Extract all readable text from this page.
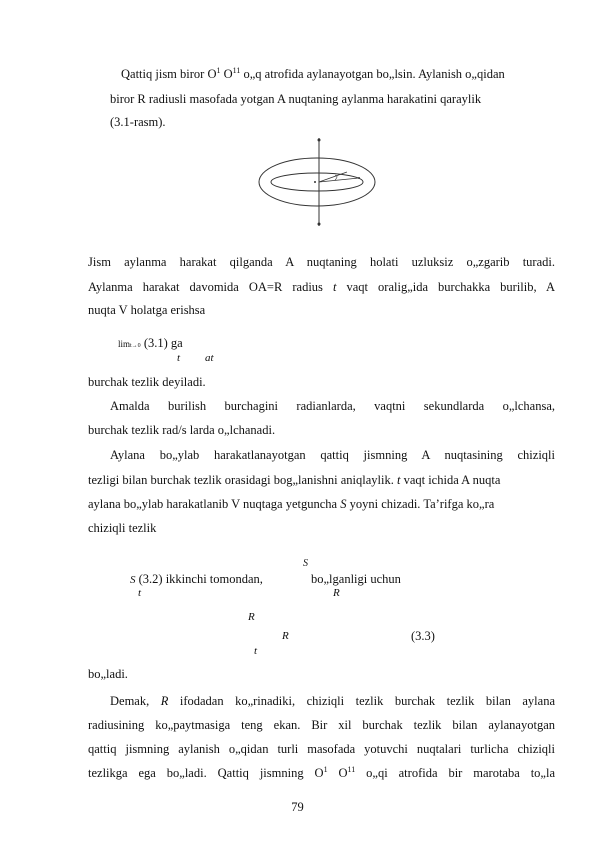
Qattiq jism biror $O^1$ $O^{11}$ o„q atrofida aylanayotgan bo„lsin. Aylanish o„qidan
biror R radiusli masofada yotgan A nuqtaning aylanma harakatini qaraylik
(3.1-rasm).
Jism aylanma harakat qilganda A nuqtaning holati uzluksiz o„zgarib turadi.
Aylanma harakat davomida OA=R radius t vaqt oralig„ida burchakka burilib, A
nuqta V holatga erishsa
limt→0 (3.1) ga
t at
burchak tezlik deyiladi.
Amalda burilish burchagini radianlarda, vaqtni sekundlarda o„lchansa,
burchak tezlik rad/s larda o„lchanadi.
Aylana bo„ylab harakatlanayotgan qattiq jismning A nuqtasining chiziqli
tezligi bilan burchak tezlik orasidagi bog„lanishni aniqlaylik. t vaqt ichida A nuqta
aylana bo„ylab harakatlanib V nuqtaga yetguncha S yoyni chizadi. Ta’rifga ko„ra
chiziqli tezlik
S
S (3.2) ikkinchi tomondan,	bo„lganligi uchun
t	R
R
R	(3.3)
t
bo„ladi.
Demak, R ifodadan ko„rinadiki, chiziqli tezlik burchak tezlik bilan aylana
radiusining ko„paytmasiga teng ekan. Bir xil burchak tezlik bilan aylanayotgan
qattiq jismning aylanish o„qidan turli masofada yotuvchi nuqtalari turlicha chiziqli
tezlikga ega bo„ladi. Qattiq jismning $O^1$ $O^{11}$ o„qi atrofida bir marotaba to„la
79
